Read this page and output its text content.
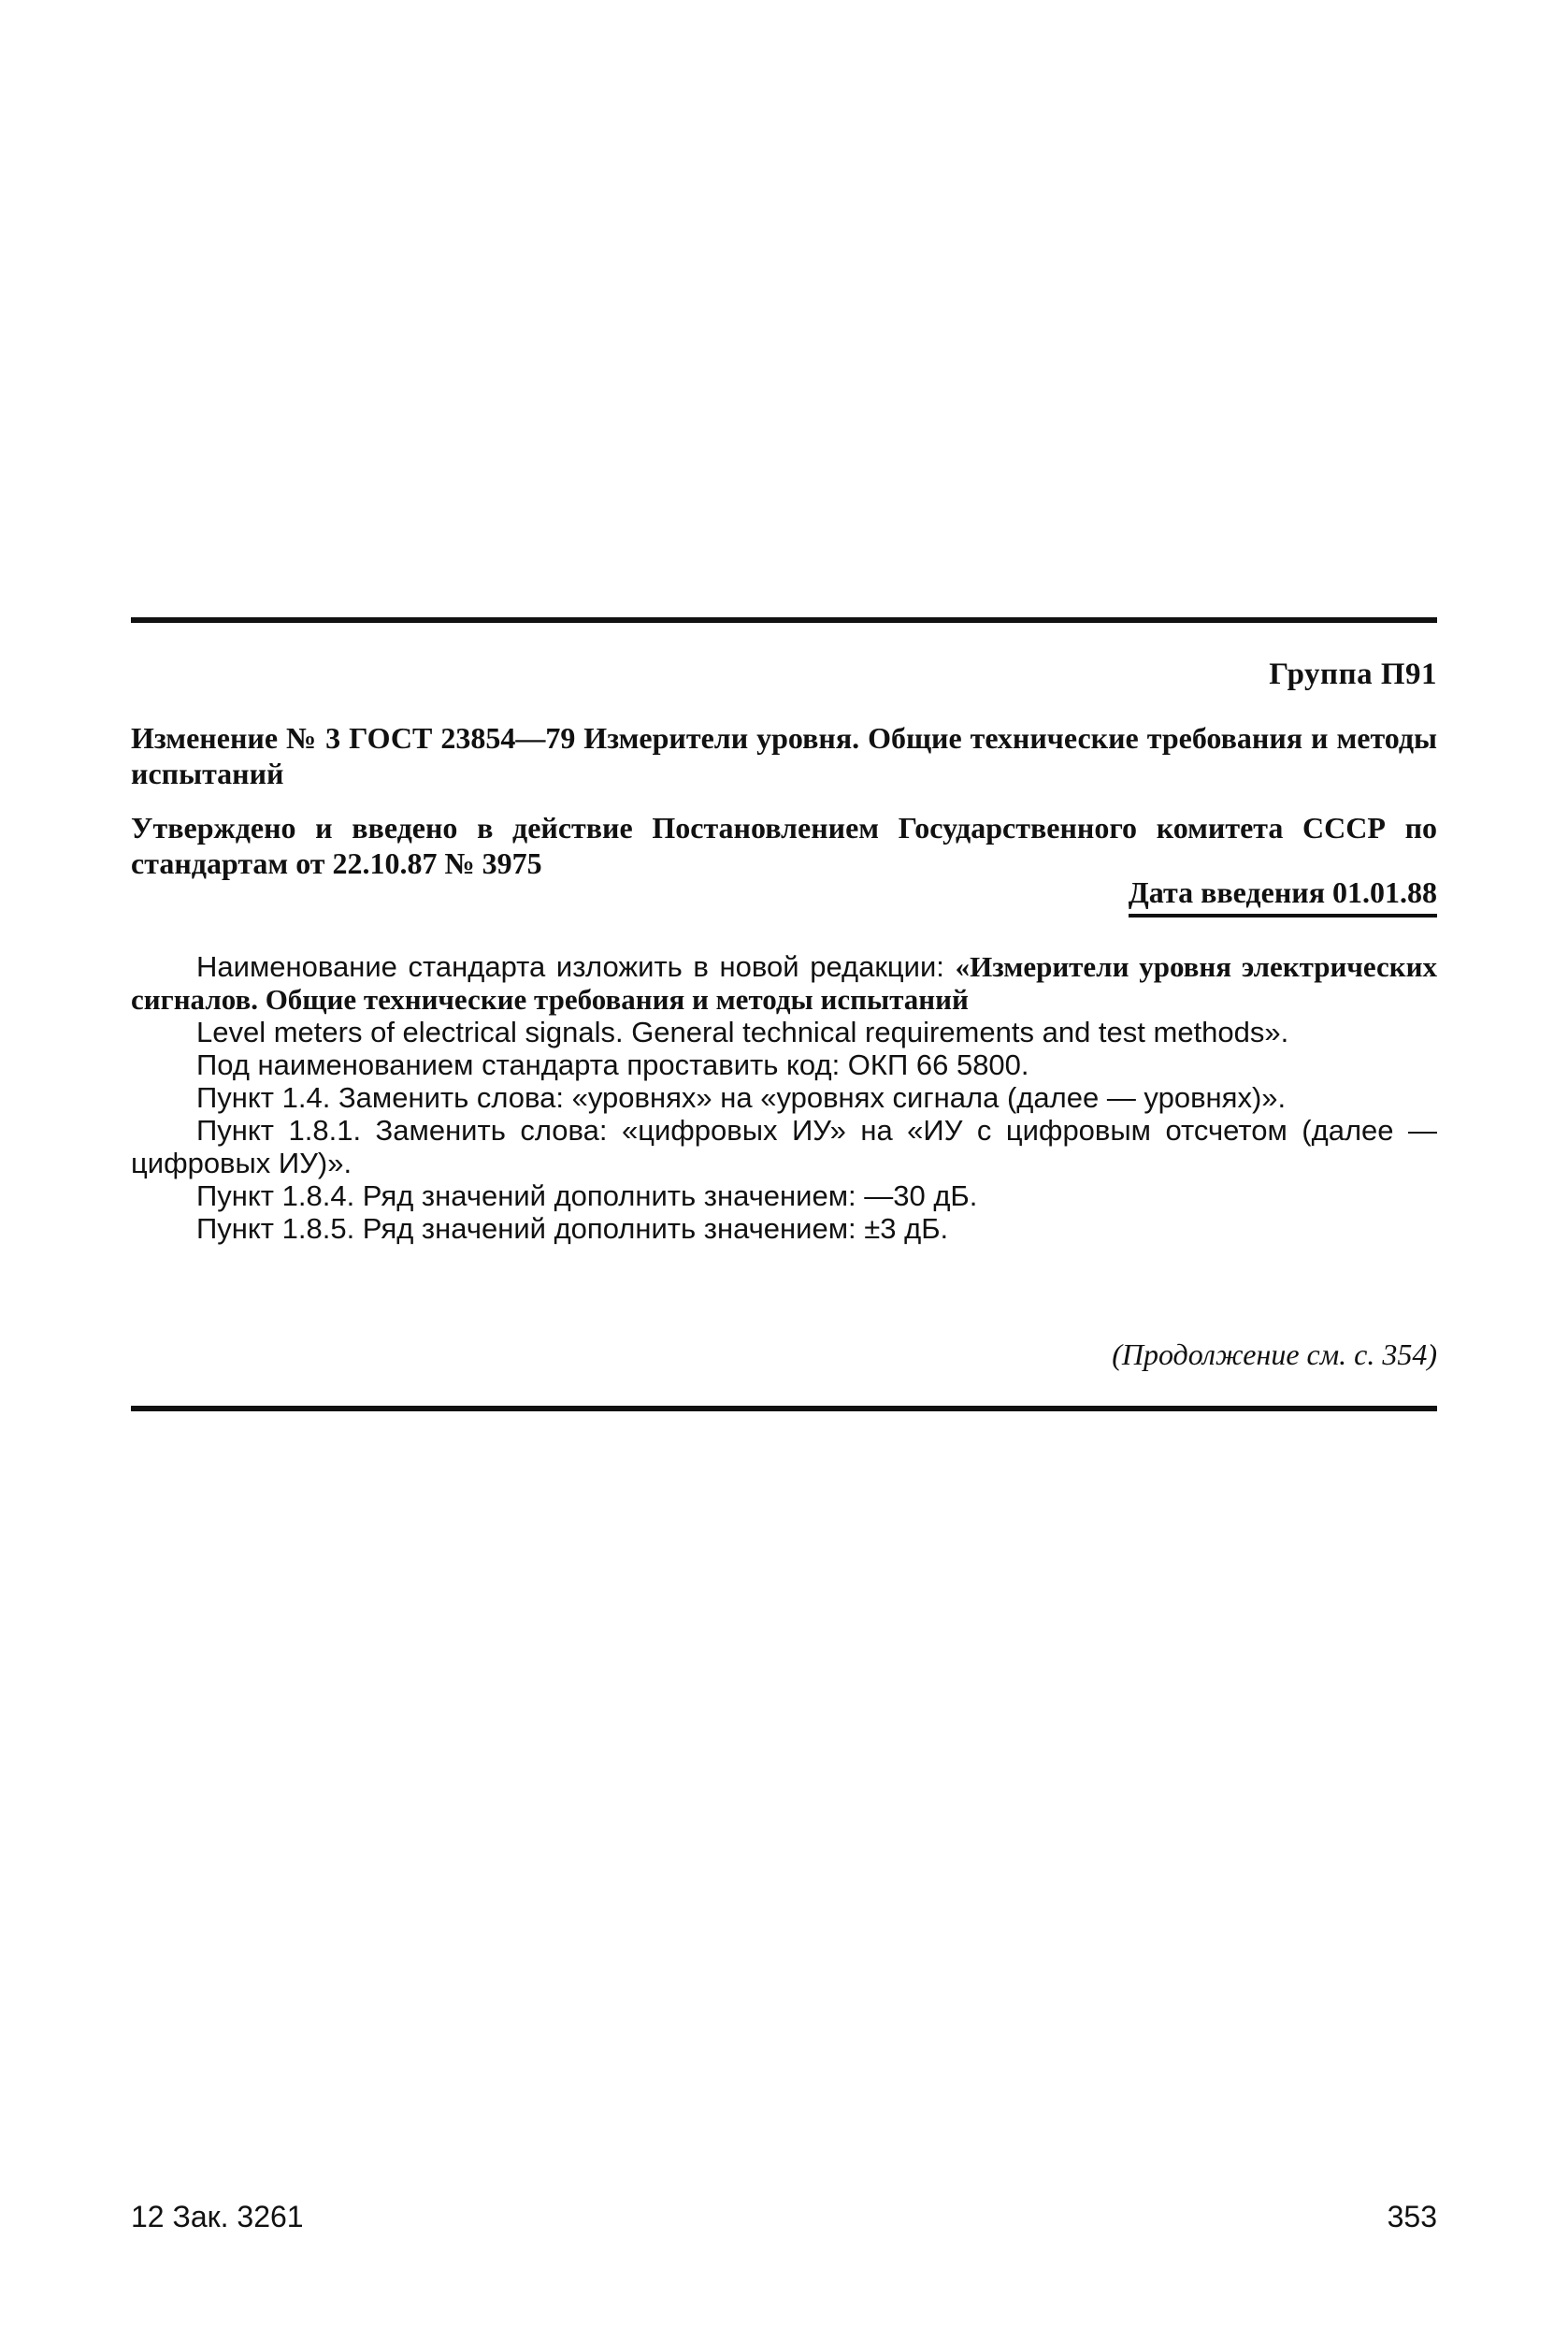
Группа П91
Изменение № 3 ГОСТ 23854—79 Измерители уровня. Общие технические требования и методы испытаний
Утверждено и введено в действие Постановлением Государственного комитета СССР по стандартам от 22.10.87 № 3975
Дата введения 01.01.88

Наименование стандарта изложить в новой редакции: «Измерители уровня электрических сигналов. Общие технические требования и методы испытаний

Level meters of electrical signals. General technical requirements and test methods».

Под наименованием стандарта проставить код: ОКП 66 5800.

Пункт 1.4. Заменить слова: «уровнях» на «уровнях сигнала (далее — уровнях)».

Пункт 1.8.1. Заменить слова: «цифровых ИУ» на «ИУ с цифровым отсчетом (далее — цифровых ИУ)».

Пункт 1.8.4. Ряд значений дополнить значением: —30 дБ.

Пункт 1.8.5. Ряд значений дополнить значением: ±3 дБ.

(Продолжение см. с. 354)
12 Зак. 3261	353
